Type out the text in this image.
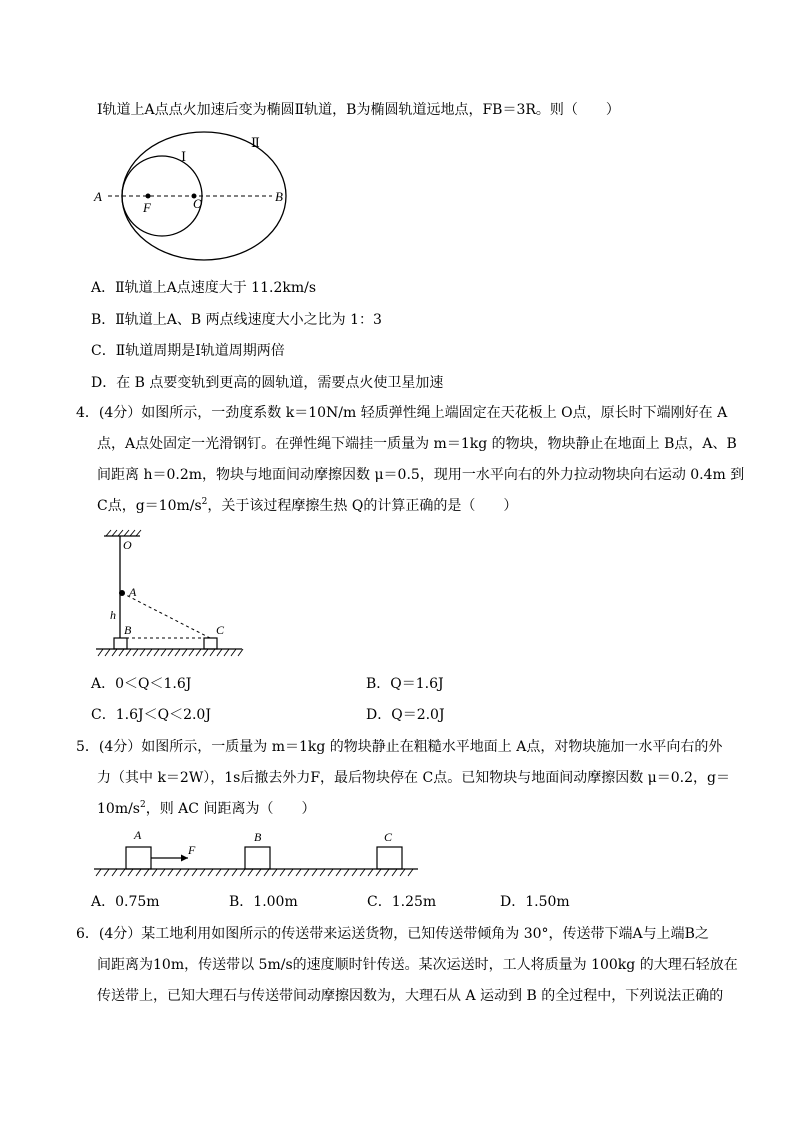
Ⅰ轨道上A点点火加速后变为椭圆Ⅱ轨道，B为椭圆轨道远地点，FB＝3R。则（　　）
Ⅰ
Ⅱ
A	B
F	O
A．Ⅱ轨道上A点速度大于 11.2km/s
B．Ⅱ轨道上A、B 两点线速度大小之比为 1：3
C．Ⅱ轨道周期是Ⅰ轨道周期两倍
D．在 B 点要变轨到更高的圆轨道，需要点火使卫星加速
4．(4分）如图所示，一劲度系数 k＝10N/m 轻质弹性绳上端固定在天花板上 O点，原长时下端刚好在 A
点，A点处固定一光滑钢钉。在弹性绳下端挂一质量为 m＝1kg 的物块，物块静止在地面上 B点，A、B
间距离 h＝0.2m，物块与地面间动摩擦因数 μ＝0.5，现用一水平向右的外力拉动物块向右运动 0.4m 到
C点，$g=10m/s^2$，关于该过程摩擦生热 Q的计算正确的是（　　）
O
A
h
B	C
A．0＜Q＜1.6J	B．Q＝1.6J
C．1.6J＜Q＜2.0J	D．Q＝2.0J
5．(4分）如图所示，一质量为 m＝1kg 的物块静止在粗糙水平地面上 A点，对物块施加一水平向右的外
力（其中 k＝2W），1s后撤去外力F，最后物块停在 C点。已知物块与地面间动摩擦因数 μ＝0.2，g＝
$10m/s^2$，则 AC 间距离为（　　）
A	B	C
F
A．0.75m	B．1.00m	C．1.25m	D．1.50m
6．(4分）某工地利用如图所示的传送带来运送货物，已知传送带倾角为 30°，传送带下端A与上端B之
间距离为10m，传送带以 5m/s的速度顺时针传送。某次运送时，工人将质量为 100kg 的大理石轻放在
传送带上，已知大理石与传送带间动摩擦因数为，大理石从 A 运动到 B 的全过程中，下列说法正确的
